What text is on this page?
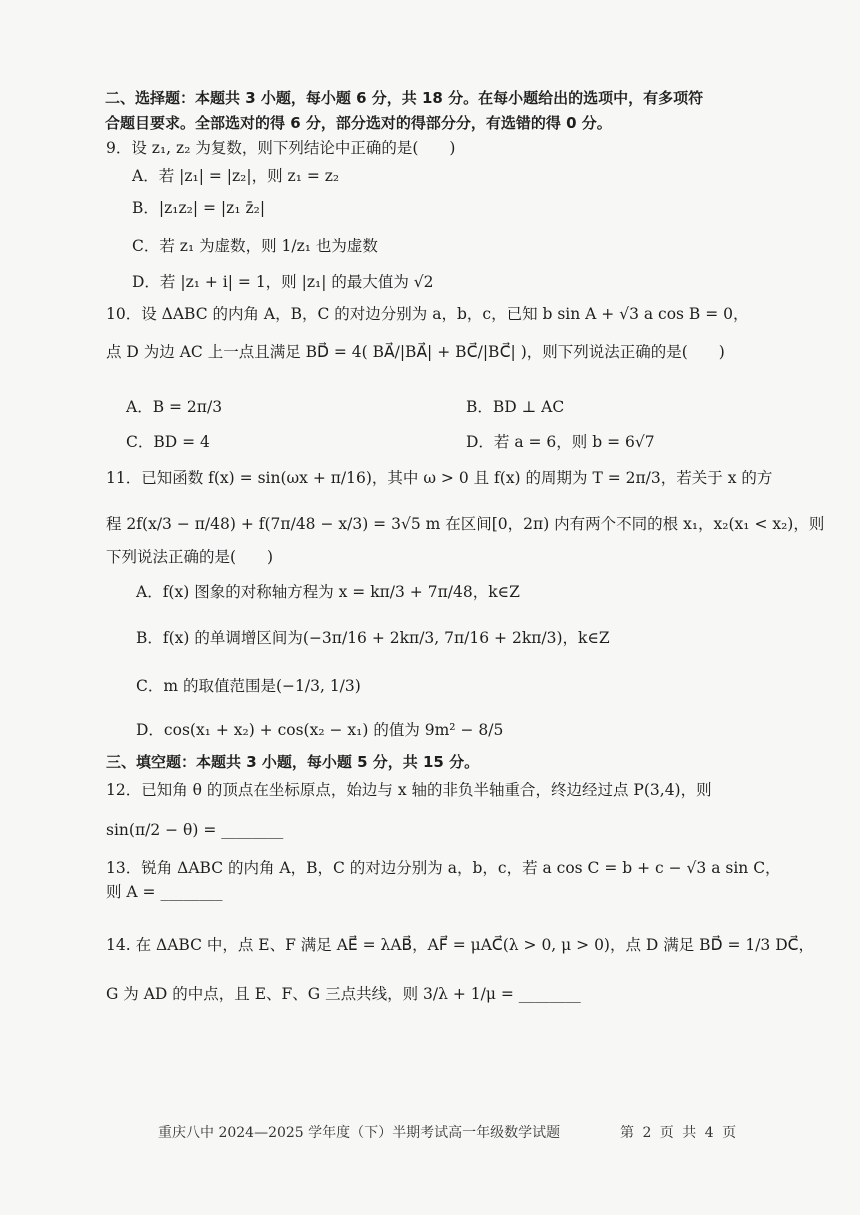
二、选择题：本题共 3 小题，每小题 6 分，共 18 分。在每小题给出的选项中，有多项符
合题目要求。全部选对的得 6 分，部分选对的得部分分，有选错的得 0 分。
9．设 z₁, z₂ 为复数，则下列结论中正确的是(　　)
A．若 |z₁| = |z₂|，则 z₁ = z₂
B．|z₁z₂| = |z₁ z̄₂|
C．若 z₁ 为虚数，则 1/z₁ 也为虚数
D．若 |z₁ + i| = 1，则 |z₁| 的最大值为 √2
10．设 ΔABC 的内角 A，B，C 的对边分别为 a，b，c，已知 b sin A + √3 a cos B = 0，
点 D 为边 AC 上一点且满足 BD⃗ = 4( BA⃗/|BA⃗| + BC⃗/|BC⃗| )，则下列说法正确的是(　　)
A．B = 2π/3	B．BD ⊥ AC
C．BD = 4	D．若 a = 6，则 b = 6√7
11．已知函数 f(x) = sin(ωx + π/16)，其中 ω > 0 且 f(x) 的周期为 T = 2π/3，若关于 x 的方
程 2f(x/3 − π/48) + f(7π/48 − x/3) = 3√5 m 在区间[0，2π) 内有两个不同的根 x₁，x₂(x₁ < x₂)，则
下列说法正确的是(　　)
A．f(x) 图象的对称轴方程为 x = kπ/3 + 7π/48，k∈Z
B．f(x) 的单调增区间为(−3π/16 + 2kπ/3, 7π/16 + 2kπ/3)，k∈Z
C．m 的取值范围是(−1/3, 1/3)
D．cos(x₁ + x₂) + cos(x₂ − x₁) 的值为 9m² − 8/5
三、填空题：本题共 3 小题，每小题 5 分，共 15 分。
12．已知角 θ 的顶点在坐标原点，始边与 x 轴的非负半轴重合，终边经过点 P(3,4)，则
sin(π/2 − θ) = ________
13．锐角 ΔABC 的内角 A，B，C 的对边分别为 a，b，c，若 a cos C = b + c − √3 a sin C，
则 A = ________
14. 在 ΔABC 中，点 E、F 满足 AE⃗ = λAB⃗，AF⃗ = μAC⃗(λ > 0, μ > 0)，点 D 满足 BD⃗ = 1/3 DC⃗，
G 为 AD 的中点，且 E、F、G 三点共线，则 3/λ + 1/μ = ________
重庆八中 2024—2025 学年度（下）半期考试高一年级数学试题	第 2 页 共 4 页
